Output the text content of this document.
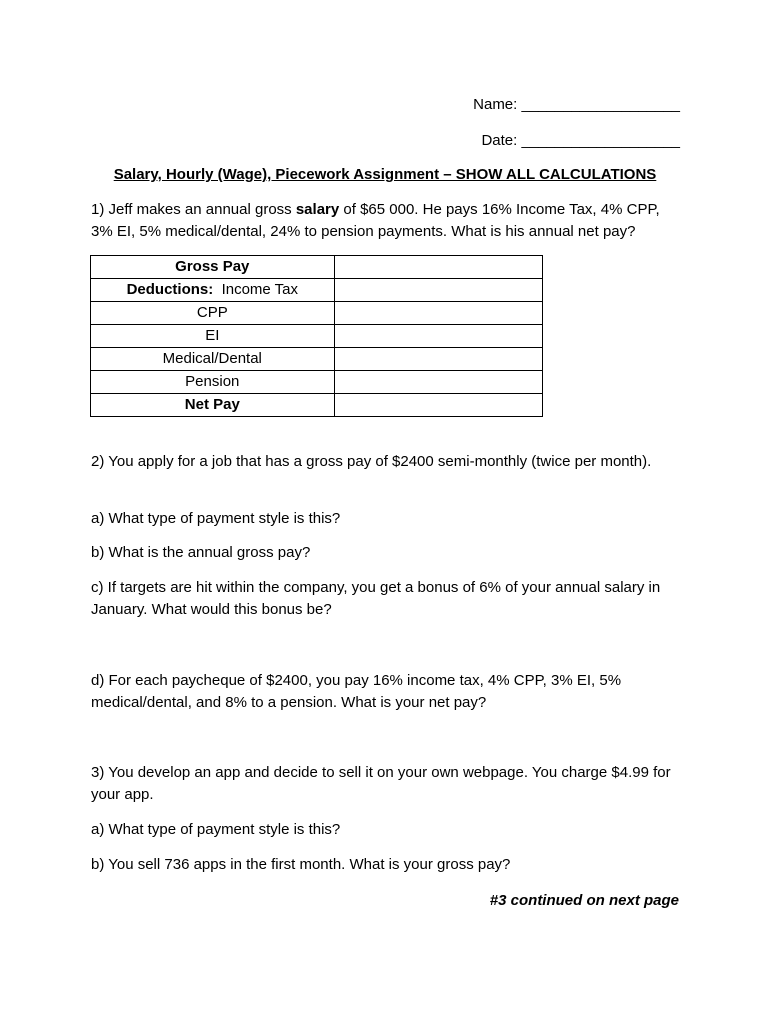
Name: ___________________
Date: ___________________
Salary, Hourly (Wage), Piecework Assignment – SHOW ALL CALCULATIONS
1) Jeff makes an annual gross salary of $65 000. He pays 16% Income Tax, 4% CPP, 3% EI, 5% medical/dental, 24% to pension payments. What is his annual net pay?
Gross Pay	
Deductions: Income Tax	
CPP	
EI	
Medical/Dental	
Pension	
Net Pay	
2) You apply for a job that has a gross pay of $2400 semi-monthly (twice per month).
a) What type of payment style is this?
b) What is the annual gross pay?
c) If targets are hit within the company, you get a bonus of 6% of your annual salary in January. What would this bonus be?
d) For each paycheque of $2400, you pay 16% income tax, 4% CPP, 3% EI, 5% medical/dental, and 8% to a pension. What is your net pay?
3) You develop an app and decide to sell it on your own webpage. You charge $4.99 for your app.
a) What type of payment style is this?
b) You sell 736 apps in the first month. What is your gross pay?
#3 continued on next page
